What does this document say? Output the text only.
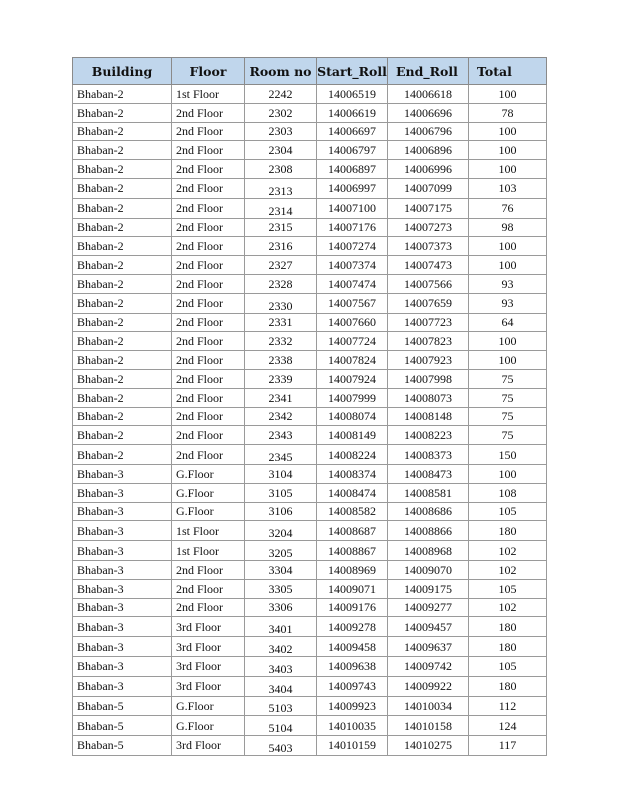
Building	Floor	Room no	Start_Roll	End_Roll	Total
Bhaban-2	1st Floor	2242	14006519	14006618	100
Bhaban-2	2nd Floor	2302	14006619	14006696	78
Bhaban-2	2nd Floor	2303	14006697	14006796	100
Bhaban-2	2nd Floor	2304	14006797	14006896	100
Bhaban-2	2nd Floor	2308	14006897	14006996	100
Bhaban-2	2nd Floor	2313	14006997	14007099	103
Bhaban-2	2nd Floor	2314	14007100	14007175	76
Bhaban-2	2nd Floor	2315	14007176	14007273	98
Bhaban-2	2nd Floor	2316	14007274	14007373	100
Bhaban-2	2nd Floor	2327	14007374	14007473	100
Bhaban-2	2nd Floor	2328	14007474	14007566	93
Bhaban-2	2nd Floor	2330	14007567	14007659	93
Bhaban-2	2nd Floor	2331	14007660	14007723	64
Bhaban-2	2nd Floor	2332	14007724	14007823	100
Bhaban-2	2nd Floor	2338	14007824	14007923	100
Bhaban-2	2nd Floor	2339	14007924	14007998	75
Bhaban-2	2nd Floor	2341	14007999	14008073	75
Bhaban-2	2nd Floor	2342	14008074	14008148	75
Bhaban-2	2nd Floor	2343	14008149	14008223	75
Bhaban-2	2nd Floor	2345	14008224	14008373	150
Bhaban-3	G.Floor	3104	14008374	14008473	100
Bhaban-3	G.Floor	3105	14008474	14008581	108
Bhaban-3	G.Floor	3106	14008582	14008686	105
Bhaban-3	1st Floor	3204	14008687	14008866	180
Bhaban-3	1st Floor	3205	14008867	14008968	102
Bhaban-3	2nd Floor	3304	14008969	14009070	102
Bhaban-3	2nd Floor	3305	14009071	14009175	105
Bhaban-3	2nd Floor	3306	14009176	14009277	102
Bhaban-3	3rd Floor	3401	14009278	14009457	180
Bhaban-3	3rd Floor	3402	14009458	14009637	180
Bhaban-3	3rd Floor	3403	14009638	14009742	105
Bhaban-3	3rd Floor	3404	14009743	14009922	180
Bhaban-5	G.Floor	5103	14009923	14010034	112
Bhaban-5	G.Floor	5104	14010035	14010158	124
Bhaban-5	3rd Floor	5403	14010159	14010275	117
